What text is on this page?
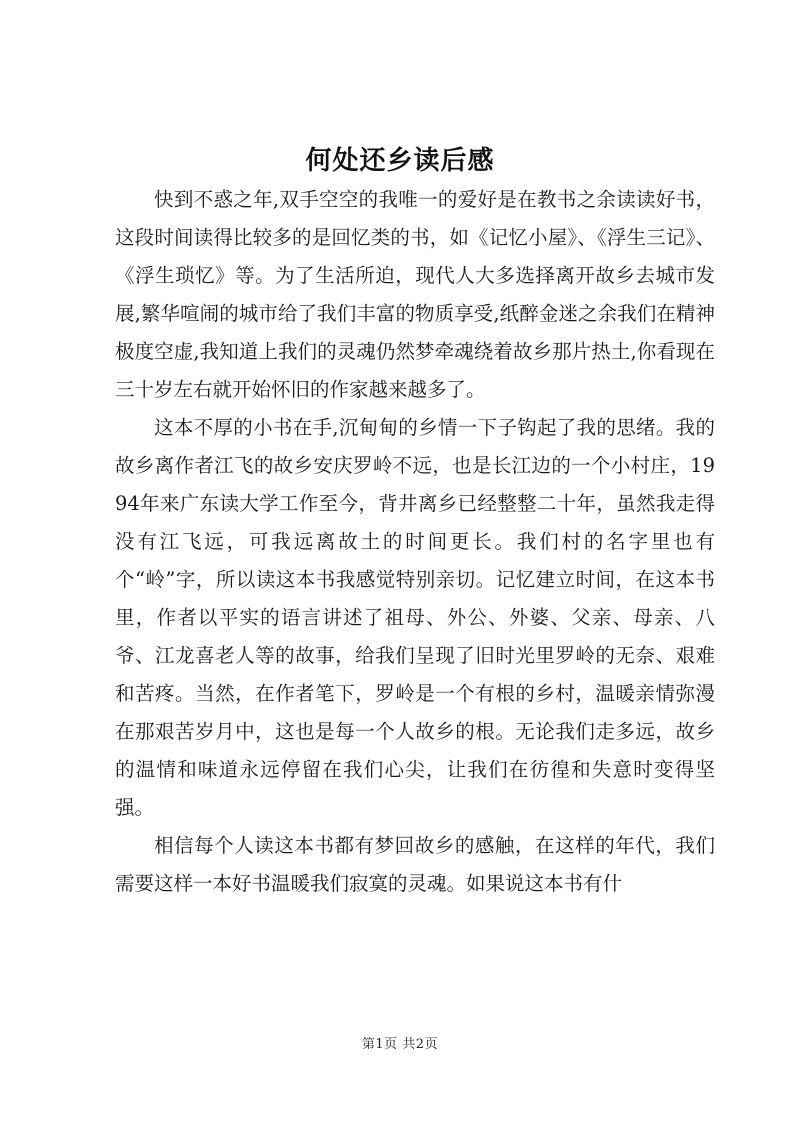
何处还乡读后感

快到不惑之年,双手空空的我唯一的爱好是在教书之余读读好书，这段时间读得比较多的是回忆类的书，如《记忆小屋》、《浮生三记》、《浮生琐忆》等。为了生活所迫，现代人大多选择离开故乡去城市发展,繁华喧闹的城市给了我们丰富的物质享受,纸醉金迷之余我们在精神极度空虚,我知道上我们的灵魂仍然梦牵魂绕着故乡那片热土,你看现在三十岁左右就开始怀旧的作家越来越多了。

这本不厚的小书在手,沉甸甸的乡情一下子钩起了我的思绪。我的故乡离作者江飞的故乡安庆罗岭不远，也是长江边的一个小村庄，1994年来广东读大学工作至今，背井离乡已经整整二十年，虽然我走得没有江飞远，可我远离故土的时间更长。我们村的名字里也有个“岭”字，所以读这本书我感觉特别亲切。记忆建立时间，在这本书里，作者以平实的语言讲述了祖母、外公、外婆、父亲、母亲、八爷、江龙喜老人等的故事，给我们呈现了旧时光里罗岭的无奈、艰难和苦疼。当然，在作者笔下，罗岭是一个有根的乡村，温暖亲情弥漫在那艰苦岁月中，这也是每一个人故乡的根。无论我们走多远，故乡的温情和味道永远停留在我们心尖，让我们在彷徨和失意时变得坚强。

相信每个人读这本书都有梦回故乡的感触，在这样的年代，我们需要这样一本好书温暖我们寂寞的灵魂。如果说这本书有什

第1页 共2页
